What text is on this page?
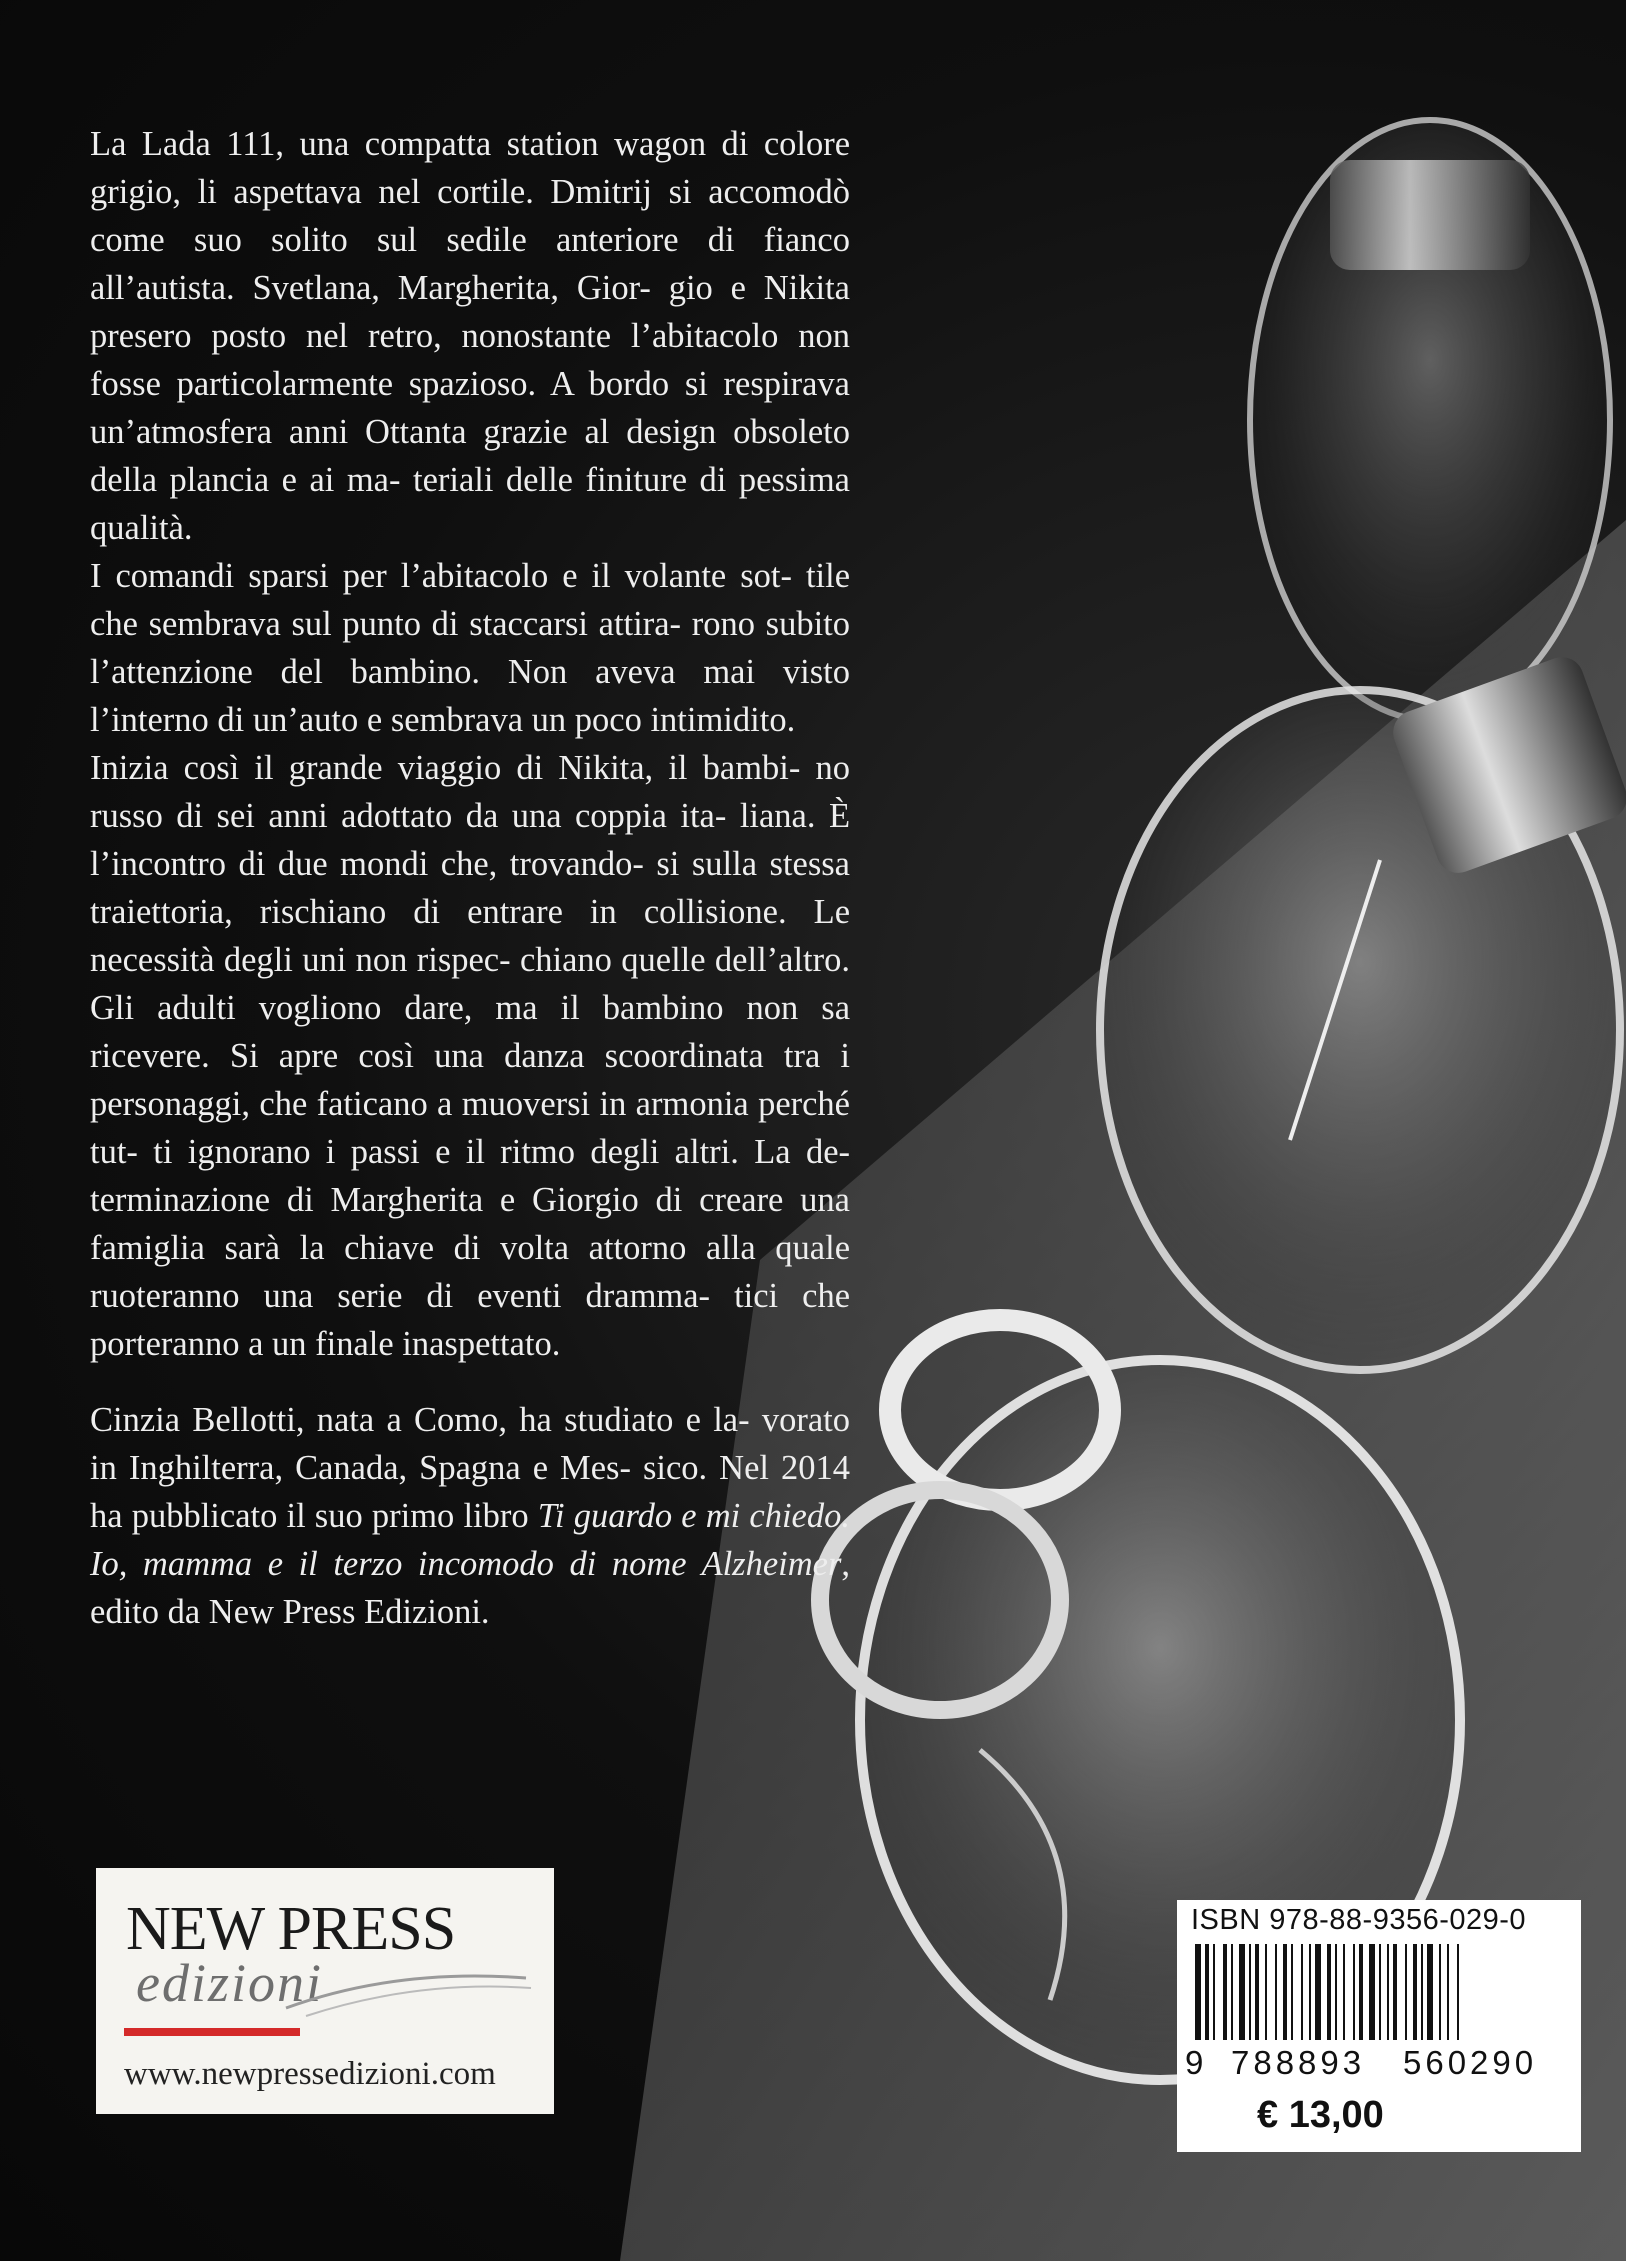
La Lada 111, una compatta station wagon di colore grigio, li aspettava nel cortile. Dmitrij si accomodò come suo solito sul sedile anteriore di fianco all’autista. Svetlana, Margherita, Gior- gio e Nikita presero posto nel retro, nonostante l’abitacolo non fosse particolarmente spazioso. A bordo si respirava un’atmosfera anni Ottanta grazie al design obsoleto della plancia e ai ma- teriali delle finiture di pessima qualità.

I comandi sparsi per l’abitacolo e il volante sot- tile che sembrava sul punto di staccarsi attira- rono subito l’attenzione del bambino. Non aveva mai visto l’interno di un’auto e sembrava un poco intimidito.

Inizia così il grande viaggio di Nikita, il bambi- no russo di sei anni adottato da una coppia ita- liana. È l’incontro di due mondi che, trovando- si sulla stessa traiettoria, rischiano di entrare in collisione. Le necessità degli uni non rispec- chiano quelle dell’altro. Gli adulti vogliono dare, ma il bambino non sa ricevere. Si apre così una danza scoordinata tra i personaggi, che faticano a muoversi in armonia perché tut- ti ignorano i passi e il ritmo degli altri. La de- terminazione di Margherita e Giorgio di creare una famiglia sarà la chiave di volta attorno alla quale ruoteranno una serie di eventi dramma- tici che porteranno a un finale inaspettato.

Cinzia Bellotti, nata a Como, ha studiato e la- vorato in Inghilterra, Canada, Spagna e Mes- sico. Nel 2014 ha pubblicato il suo primo libro Ti guardo e mi chiedo. Io, mamma e il terzo incomodo di nome Alzheimer, edito da New Press Edizioni.

NEW PRESS
edizioni
www.newpressedizioni.com
ISBN 978-88-9356-029-0
9 788893 560290
€ 13,00
